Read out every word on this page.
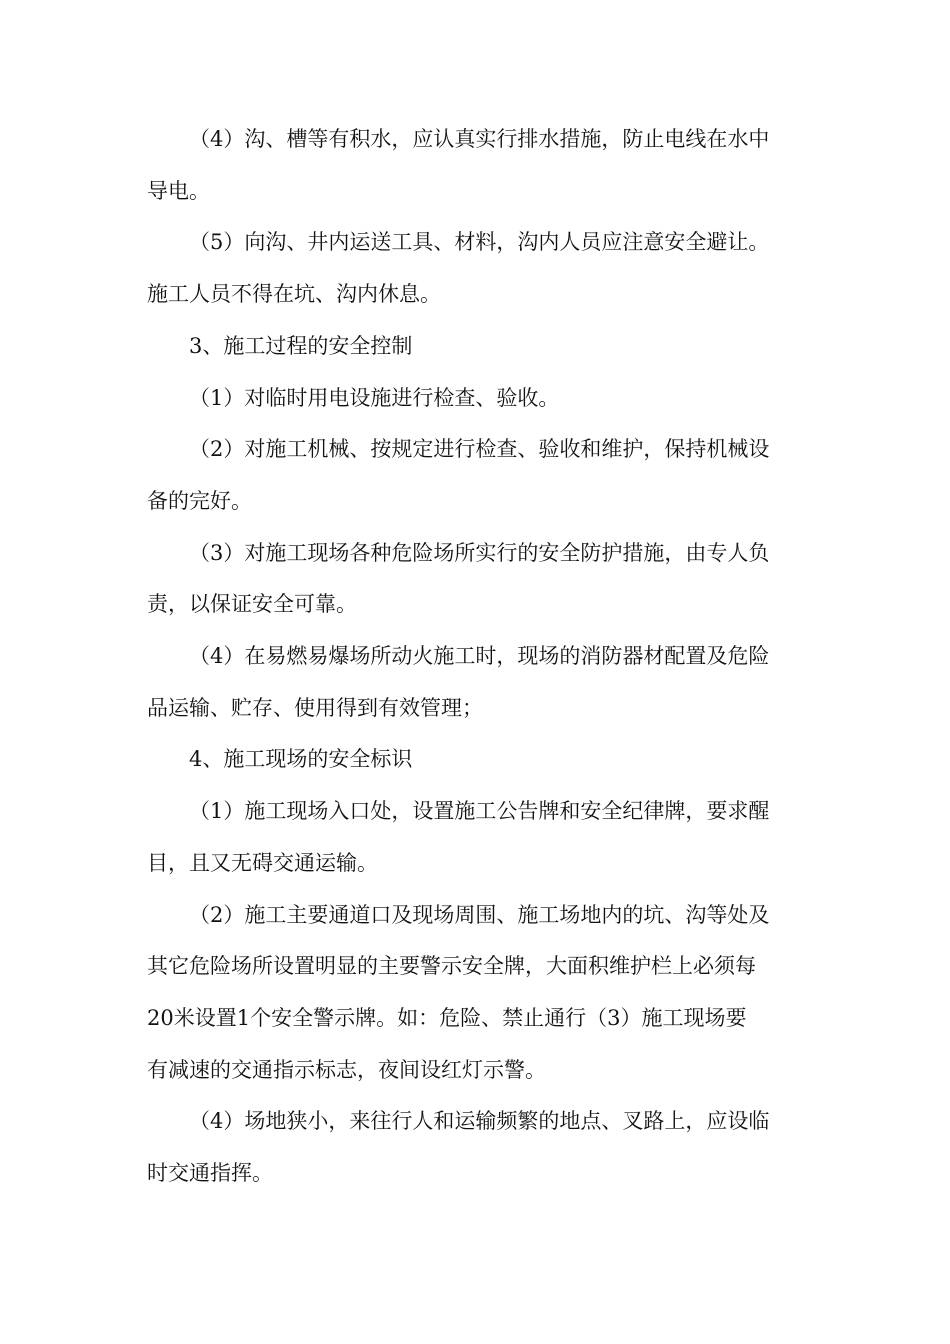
（4）沟、槽等有积水，应认真实行排水措施，防止电线在水中
导电。
（5）向沟、井内运送工具、材料，沟内人员应注意安全避让。
施工人员不得在坑、沟内休息。
3、施工过程的安全控制
（1）对临时用电设施进行检查、验收。
（2）对施工机械、按规定进行检查、验收和维护，保持机械设
备的完好。
（3）对施工现场各种危险场所实行的安全防护措施，由专人负
责，以保证安全可靠。
（4）在易燃易爆场所动火施工时，现场的消防器材配置及危险
品运输、贮存、使用得到有效管理；
4、施工现场的安全标识
（1）施工现场入口处，设置施工公告牌和安全纪律牌，要求醒
目，且又无碍交通运输。
（2）施工主要通道口及现场周围、施工场地内的坑、沟等处及
其它危险场所设置明显的主要警示安全牌，大面积维护栏上必须每
20米设置1个安全警示牌。如：危险、禁止通行（3）施工现场要
有减速的交通指示标志，夜间设红灯示警。
（4）场地狭小，来往行人和运输频繁的地点、叉路上，应设临
时交通指挥。
